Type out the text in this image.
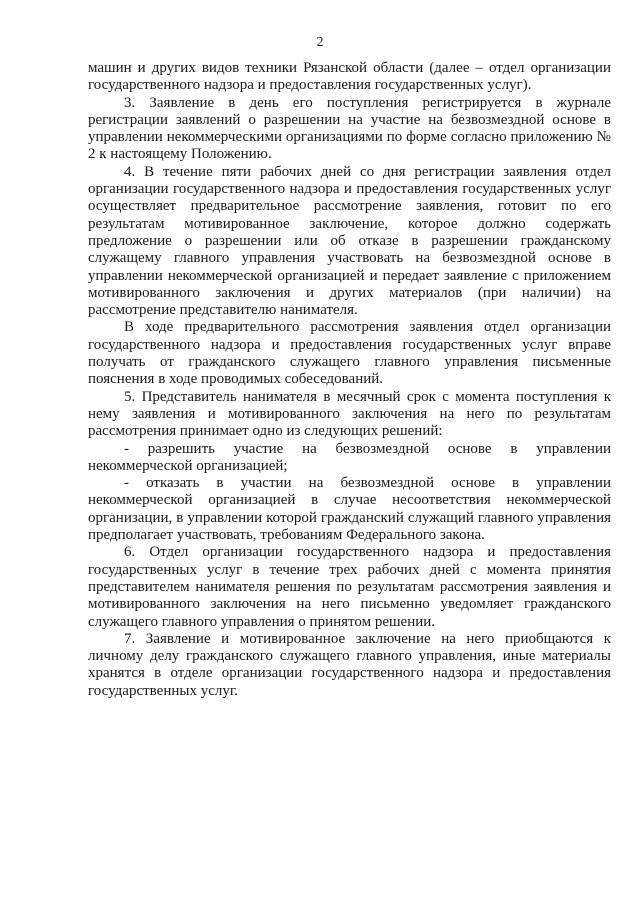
2

машин и других видов техники Рязанской области (далее – отдел организации государственного надзора и предоставления государственных услуг).

3. Заявление в день его поступления регистрируется в журнале регистрации заявлений о разрешении на участие на безвозмездной основе в управлении некоммерческими организациями по форме согласно приложению № 2 к настоящему Положению.

4. В течение пяти рабочих дней со дня регистрации заявления отдел организации государственного надзора и предоставления государственных услуг осуществляет предварительное рассмотрение заявления, готовит по его результатам мотивированное заключение, которое должно содержать предложение о разрешении или об отказе в разрешении гражданскому служащему главного управления участвовать на безвозмездной основе в управлении некоммерческой организацией и передает заявление с приложением мотивированного заключения и других материалов (при наличии) на рассмотрение представителю нанимателя.

В ходе предварительного рассмотрения заявления отдел организации государственного надзора и предоставления государственных услуг вправе получать от гражданского служащего главного управления письменные пояснения в ходе проводимых собеседований.

5. Представитель нанимателя в месячный срок с момента поступления к нему заявления и мотивированного заключения на него по результатам рассмотрения принимает одно из следующих решений:

- разрешить участие на безвозмездной основе в управлении некоммерческой организацией;

- отказать в участии на безвозмездной основе в управлении некоммерческой организацией в случае несоответствия некоммерческой организации, в управлении которой гражданский служащий главного управления предполагает участвовать, требованиям Федерального закона.

6. Отдел организации государственного надзора и предоставления государственных услуг в течение трех рабочих дней с момента принятия представителем нанимателя решения по результатам рассмотрения заявления и мотивированного заключения на него письменно уведомляет гражданского служащего главного управления о принятом решении.

7. Заявление и мотивированное заключение на него приобщаются к личному делу гражданского служащего главного управления, иные материалы хранятся в отделе организации государственного надзора и предоставления государственных услуг.
